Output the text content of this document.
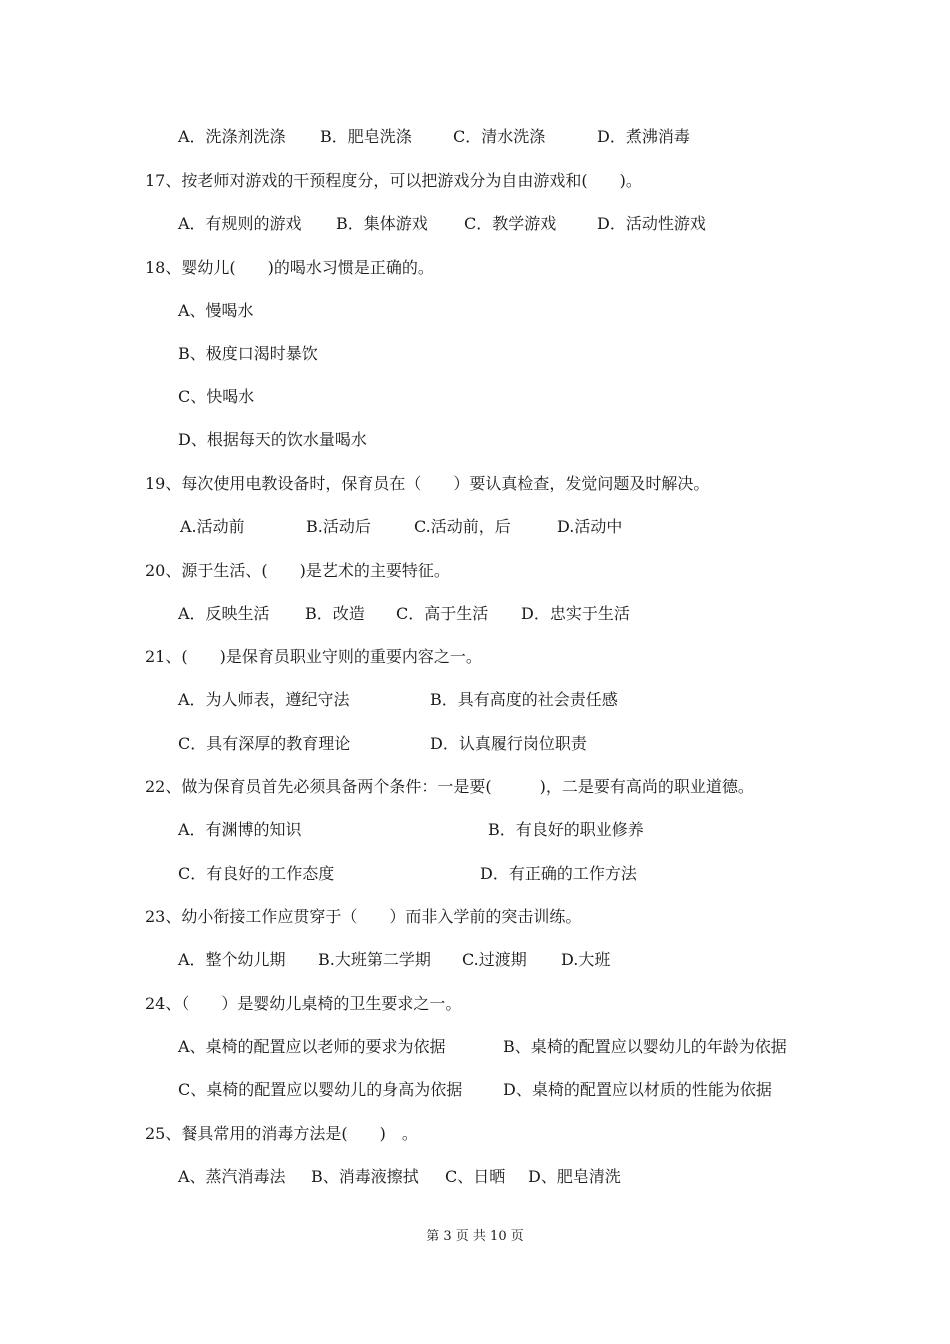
A．洗涤剂洗涤 B．肥皂洗涤	C．清水洗涤	D．煮沸消毒
17、按老师对游戏的干预程度分，可以把游戏分为自由游戏和(　　)。
A．有规则的游戏 B．集体游戏 C．教学游戏	D．活动性游戏
18、婴幼儿(　　)的喝水习惯是正确的。
A、慢喝水
B、极度口渴时暴饮
C、快喝水
D、根据每天的饮水量喝水
19、每次使用电教设备时，保育员在（　　）要认真检查，发觉问题及时解决。
A.活动前	B.活动后	C.活动前，后	D.活动中
20、源于生活、(　　)是艺术的主要特征。
A．反映生活 B．改造 C．高于生活 D．忠实于生活
21、(　　)是保育员职业守则的重要内容之一。
A．为人师表，遵纪守法	B．具有高度的社会责任感
C．具有深厚的教育理论	D．认真履行岗位职责
22、做为保育员首先必须具备两个条件：一是要(　　　)，二是要有高尚的职业道德。
A．有渊博的知识	B．有良好的职业修养
C．有良好的工作态度	D．有正确的工作方法
23、幼小衔接工作应贯穿于（　　）而非入学前的突击训练。
A．整个幼儿期 B.大班第二学期 C.过渡期 D.大班
24、（　　）是婴幼儿桌椅的卫生要求之一。
A、桌椅的配置应以老师的要求为依据	B、桌椅的配置应以婴幼儿的年龄为依据
C、桌椅的配置应以婴幼儿的身高为依据	D、桌椅的配置应以材质的性能为依据
25、餐具常用的消毒方法是(　　)　。
A、蒸汽消毒法 B、消毒液擦拭 C、日晒 D、肥皂清洗
第 3 页 共 10 页
